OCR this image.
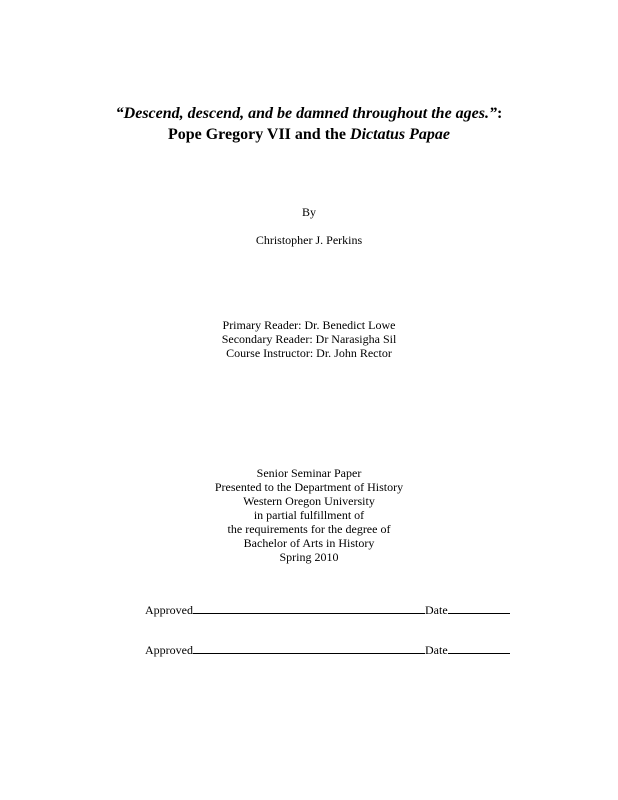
“Descend, descend, and be damned throughout the ages.”:
Pope Gregory VII and the Dictatus Papae
By
Christopher J. Perkins
Primary Reader: Dr. Benedict Lowe
Secondary Reader: Dr Narasigha Sil
Course Instructor: Dr. John Rector
Senior Seminar Paper
Presented to the Department of History
Western Oregon University
in partial fulfillment of
the requirements for the degree of
Bachelor of Arts in History
Spring 2010
Approved	Date
Approved	Date
